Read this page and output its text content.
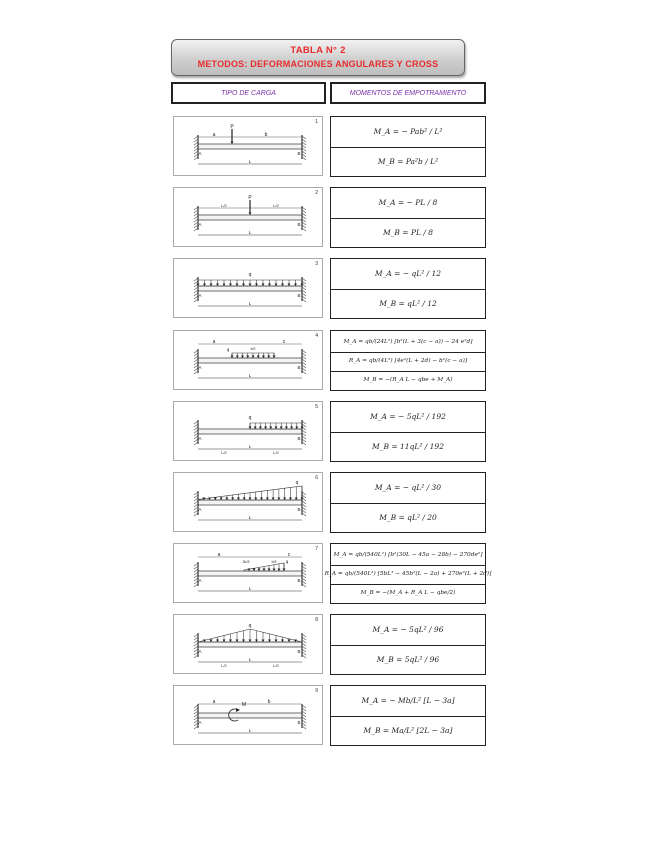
TABLA N° 2
METODOS: DEFORMACIONES ANGULARES Y CROSS
TIPO DE CARGA	MOMENTOS DE EMPOTRAMIENTO
A	B
L
P
a	b
1
M_A = − Pab² / L²
M_B = Pa²b / L²
A	B
L
P
L/2	L/2
2
M_A = − PL / 8
M_B = PL / 8
A	B
L
q
3
M_A = − qL² / 12
M_B = qL² / 12
A	B
L
q
a	c
b/2
4
M_A = qb/(24L²) [b²(L + 3(c − a)) − 24 e²d]
R_A = qb/(4L²) [4e²(L + 2d) − b²(c − a)]
M_B = −(R_A L − qbe + M_A)
A	B
L
q
L/2	L/2
5
M_A = − 5qL² / 192
M_B = 11qL² / 192
A	B
L
q
6
M_A = − qL² / 30
M_B = qL² / 20
A	B
L
q
a	c
2b/3	b/3
7
M_A = qb/(540L²) [b²(30L − 45a − 28b) − 270de²]
R_A = qb/(540L³) [5bL³ − 45b²(L − 2a) + 270e²(L + 2d)]
M_B = −(M_A + R_A L − qbe/2)
A	B
L
q
L/2	L/2
8
M_A = − 5qL² / 96
M_B = 5qL² / 96
A	B
L
M
a	b
9
M_A = − Mb/L² [L − 3a]
M_B = Ma/L² [2L − 3a]
